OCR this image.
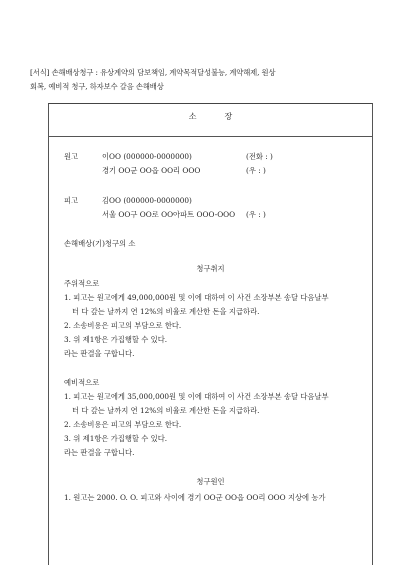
[서식] 손해배상청구 : 유상계약의 담보책임, 계약목적달성불능, 계약해제, 원상
회복, 예비적 청구, 하자보수 갈음 손해배상
소장
원고	이OO (000000-0000000)	(전화 : )
경기 OO군 OO읍 OO리 OOO	(우 : )
피고	김OO (000000-0000000)
서울 OO구 OO로 OO아파트 OOO-OOO (우 : )
손해배상(기)청구의 소
청구취지
주위적으로
1. 피고는 원고에게 49,000,000원 및 이에 대하여 이 사건 소장부본 송달 다음날부
터 다 갚는 날까지 연 12%의 비율로 계산한 돈을 지급하라.
2. 소송비용은 피고의 부담으로 한다.
3. 위 제1항은 가집행할 수 있다.
라는 판결을 구합니다.
예비적으로
1. 피고는 원고에게 35,000,000원 및 이에 대하여 이 사건 소장부본 송달 다음날부
터 다 갚는 날까지 연 12%의 비율로 계산한 돈을 지급하라.
2. 소송비용은 피고의 부담으로 한다.
3. 위 제1항은 가집행할 수 있다.
라는 판결을 구합니다.
청구원인
1. 원고는 2000. O. O. 피고와 사이에 경기 OO군 OO읍 OO리 OOO 지상에 농가
